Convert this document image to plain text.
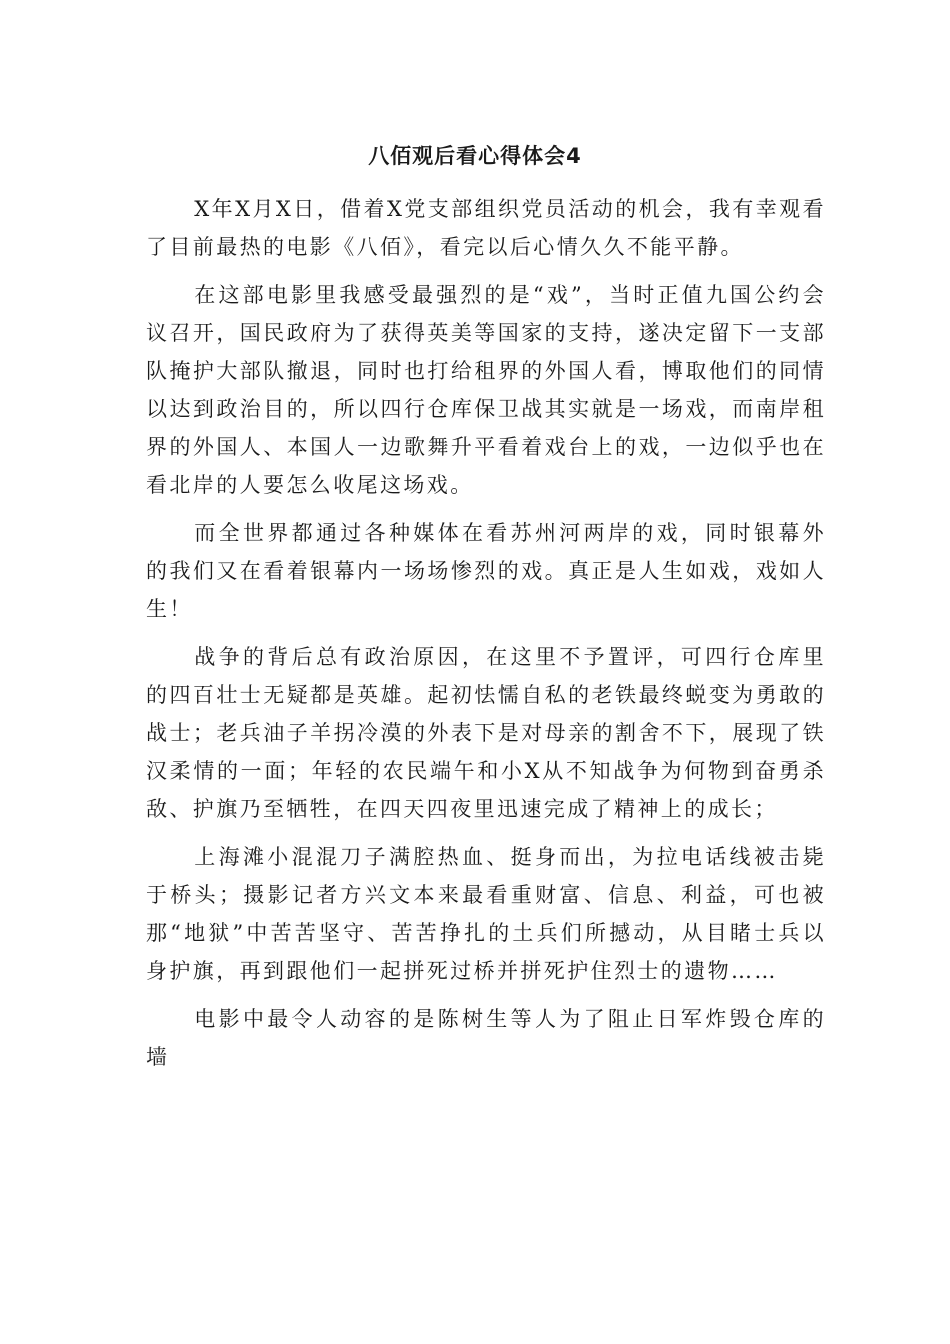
八佰观后看心得体会4

X年X月X日，借着X党支部组织党员活动的机会，我有幸观看了目前最热的电影《八佰》，看完以后心情久久不能平静。

在这部电影里我感受最强烈的是“戏”，当时正值九国公约会议召开，国民政府为了获得英美等国家的支持，遂决定留下一支部队掩护大部队撤退，同时也打给租界的外国人看，博取他们的同情以达到政治目的，所以四行仓库保卫战其实就是一场戏，而南岸租界的外国人、本国人一边歌舞升平看着戏台上的戏，一边似乎也在看北岸的人要怎么收尾这场戏。

而全世界都通过各种媒体在看苏州河两岸的戏，同时银幕外的我们又在看着银幕内一场场惨烈的戏。真正是人生如戏，戏如人生！

战争的背后总有政治原因，在这里不予置评，可四行仓库里的四百壮士无疑都是英雄。起初怯懦自私的老铁最终蜕变为勇敢的战士；老兵油子羊拐冷漠的外表下是对母亲的割舍不下，展现了铁汉柔情的一面；年轻的农民端午和小X从不知战争为何物到奋勇杀敌、护旗乃至牺牲，在四天四夜里迅速完成了精神上的成长；

上海滩小混混刀子满腔热血、挺身而出，为拉电话线被击毙于桥头；摄影记者方兴文本来最看重财富、信息、利益，可也被那“地狱”中苦苦坚守、苦苦挣扎的土兵们所撼动，从目睹士兵以身护旗，再到跟他们一起拼死过桥并拼死护住烈士的遗物……

电影中最令人动容的是陈树生等人为了阻止日军炸毁仓库的墙
